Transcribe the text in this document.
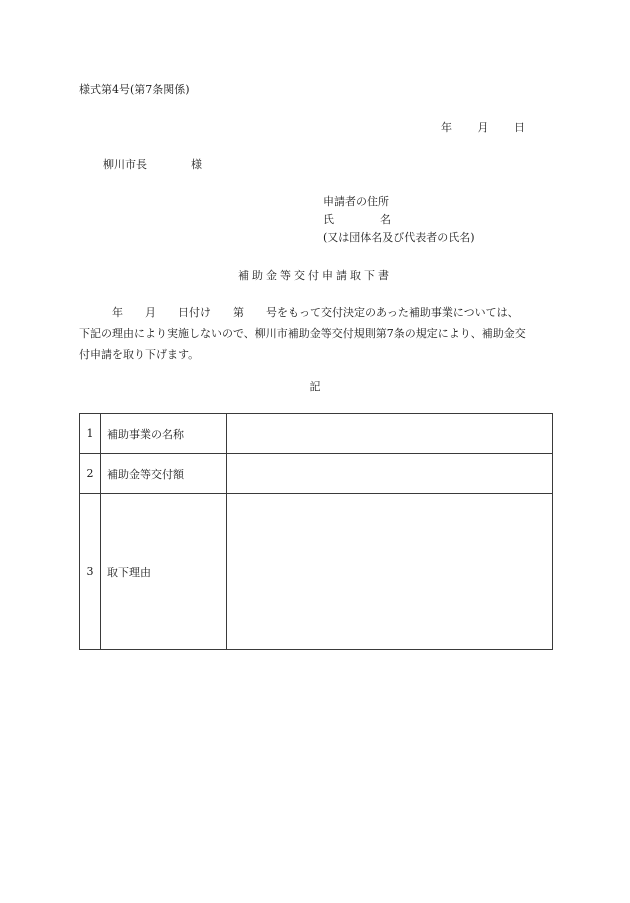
様式第4号(第7条関係)
年 月 日
柳川市長	様
申請者の住所
氏	名
(又は団体名及び代表者の氏名)
補助金等交付申請取下書
年　　月　　日付け　　第　　号をもって交付決定のあった補助事業については、
下記の理由により実施しないので、柳川市補助金等交付規則第7条の規定により、補助金交
付申請を取り下げます。
記
1	補助事業の名称	
2	補助金等交付額	
3	取下理由	
